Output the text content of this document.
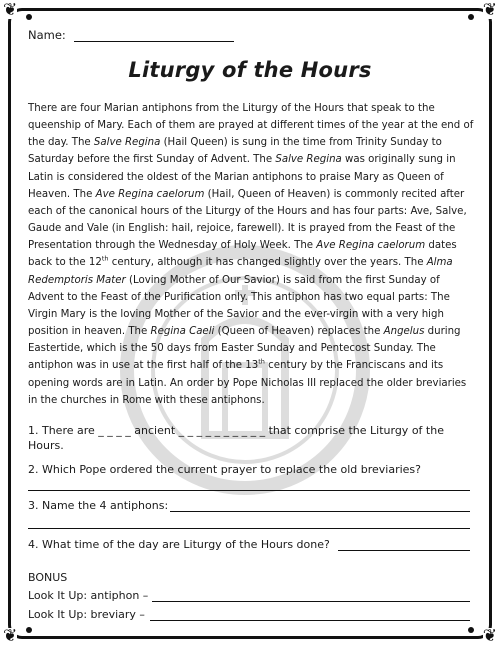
❦	❦
❦	❦
Name:
Liturgy of the Hours
There are four Marian antiphons from the Liturgy of the Hours that speak to the queenship of Mary. Each of them are prayed at different times of the year at the end of the day. The Salve Regina (Hail Queen) is sung in the time from Trinity Sunday to Saturday before the first Sunday of Advent. The Salve Regina was originally sung in Latin is considered the oldest of the Marian antiphons to praise Mary as Queen of Heaven. The Ave Regina caelorum (Hail, Queen of Heaven) is commonly recited after each of the canonical hours of the Liturgy of the Hours and has four parts: Ave, Salve, Gaude and Vale (in English: hail, rejoice, farewell). It is prayed from the Feast of the Presentation through the Wednesday of Holy Week. The Ave Regina caelorum dates back to the 12th century, although it has changed slightly over the years. The Alma Redemptoris Mater (Loving Mother of Our Savior) is said from the first Sunday of Advent to the Feast of the Purification only. This antiphon has two equal parts: The Virgin Mary is the loving Mother of the Savior and the ever-virgin with a very high position in heaven. The Regina Caeli (Queen of Heaven) replaces the Angelus during Eastertide, which is the 50 days from Easter Sunday and Pentecost Sunday. The antiphon was in use at the first half of the 13th century by the Franciscans and its opening words are in Latin. An order by Pope Nicholas III replaced the older breviaries in the churches in Rome with these antiphons.
1. There are _ _ _ _ ancient _ _ _ _ _ _ _ _ _ _ that comprise the Liturgy of the
Hours.
2. Which Pope ordered the current prayer to replace the old breviaries?
3. Name the 4 antiphons:
4. What time of the day are Liturgy of the Hours done?
BONUS
Look It Up: antiphon –
Look It Up: breviary –
